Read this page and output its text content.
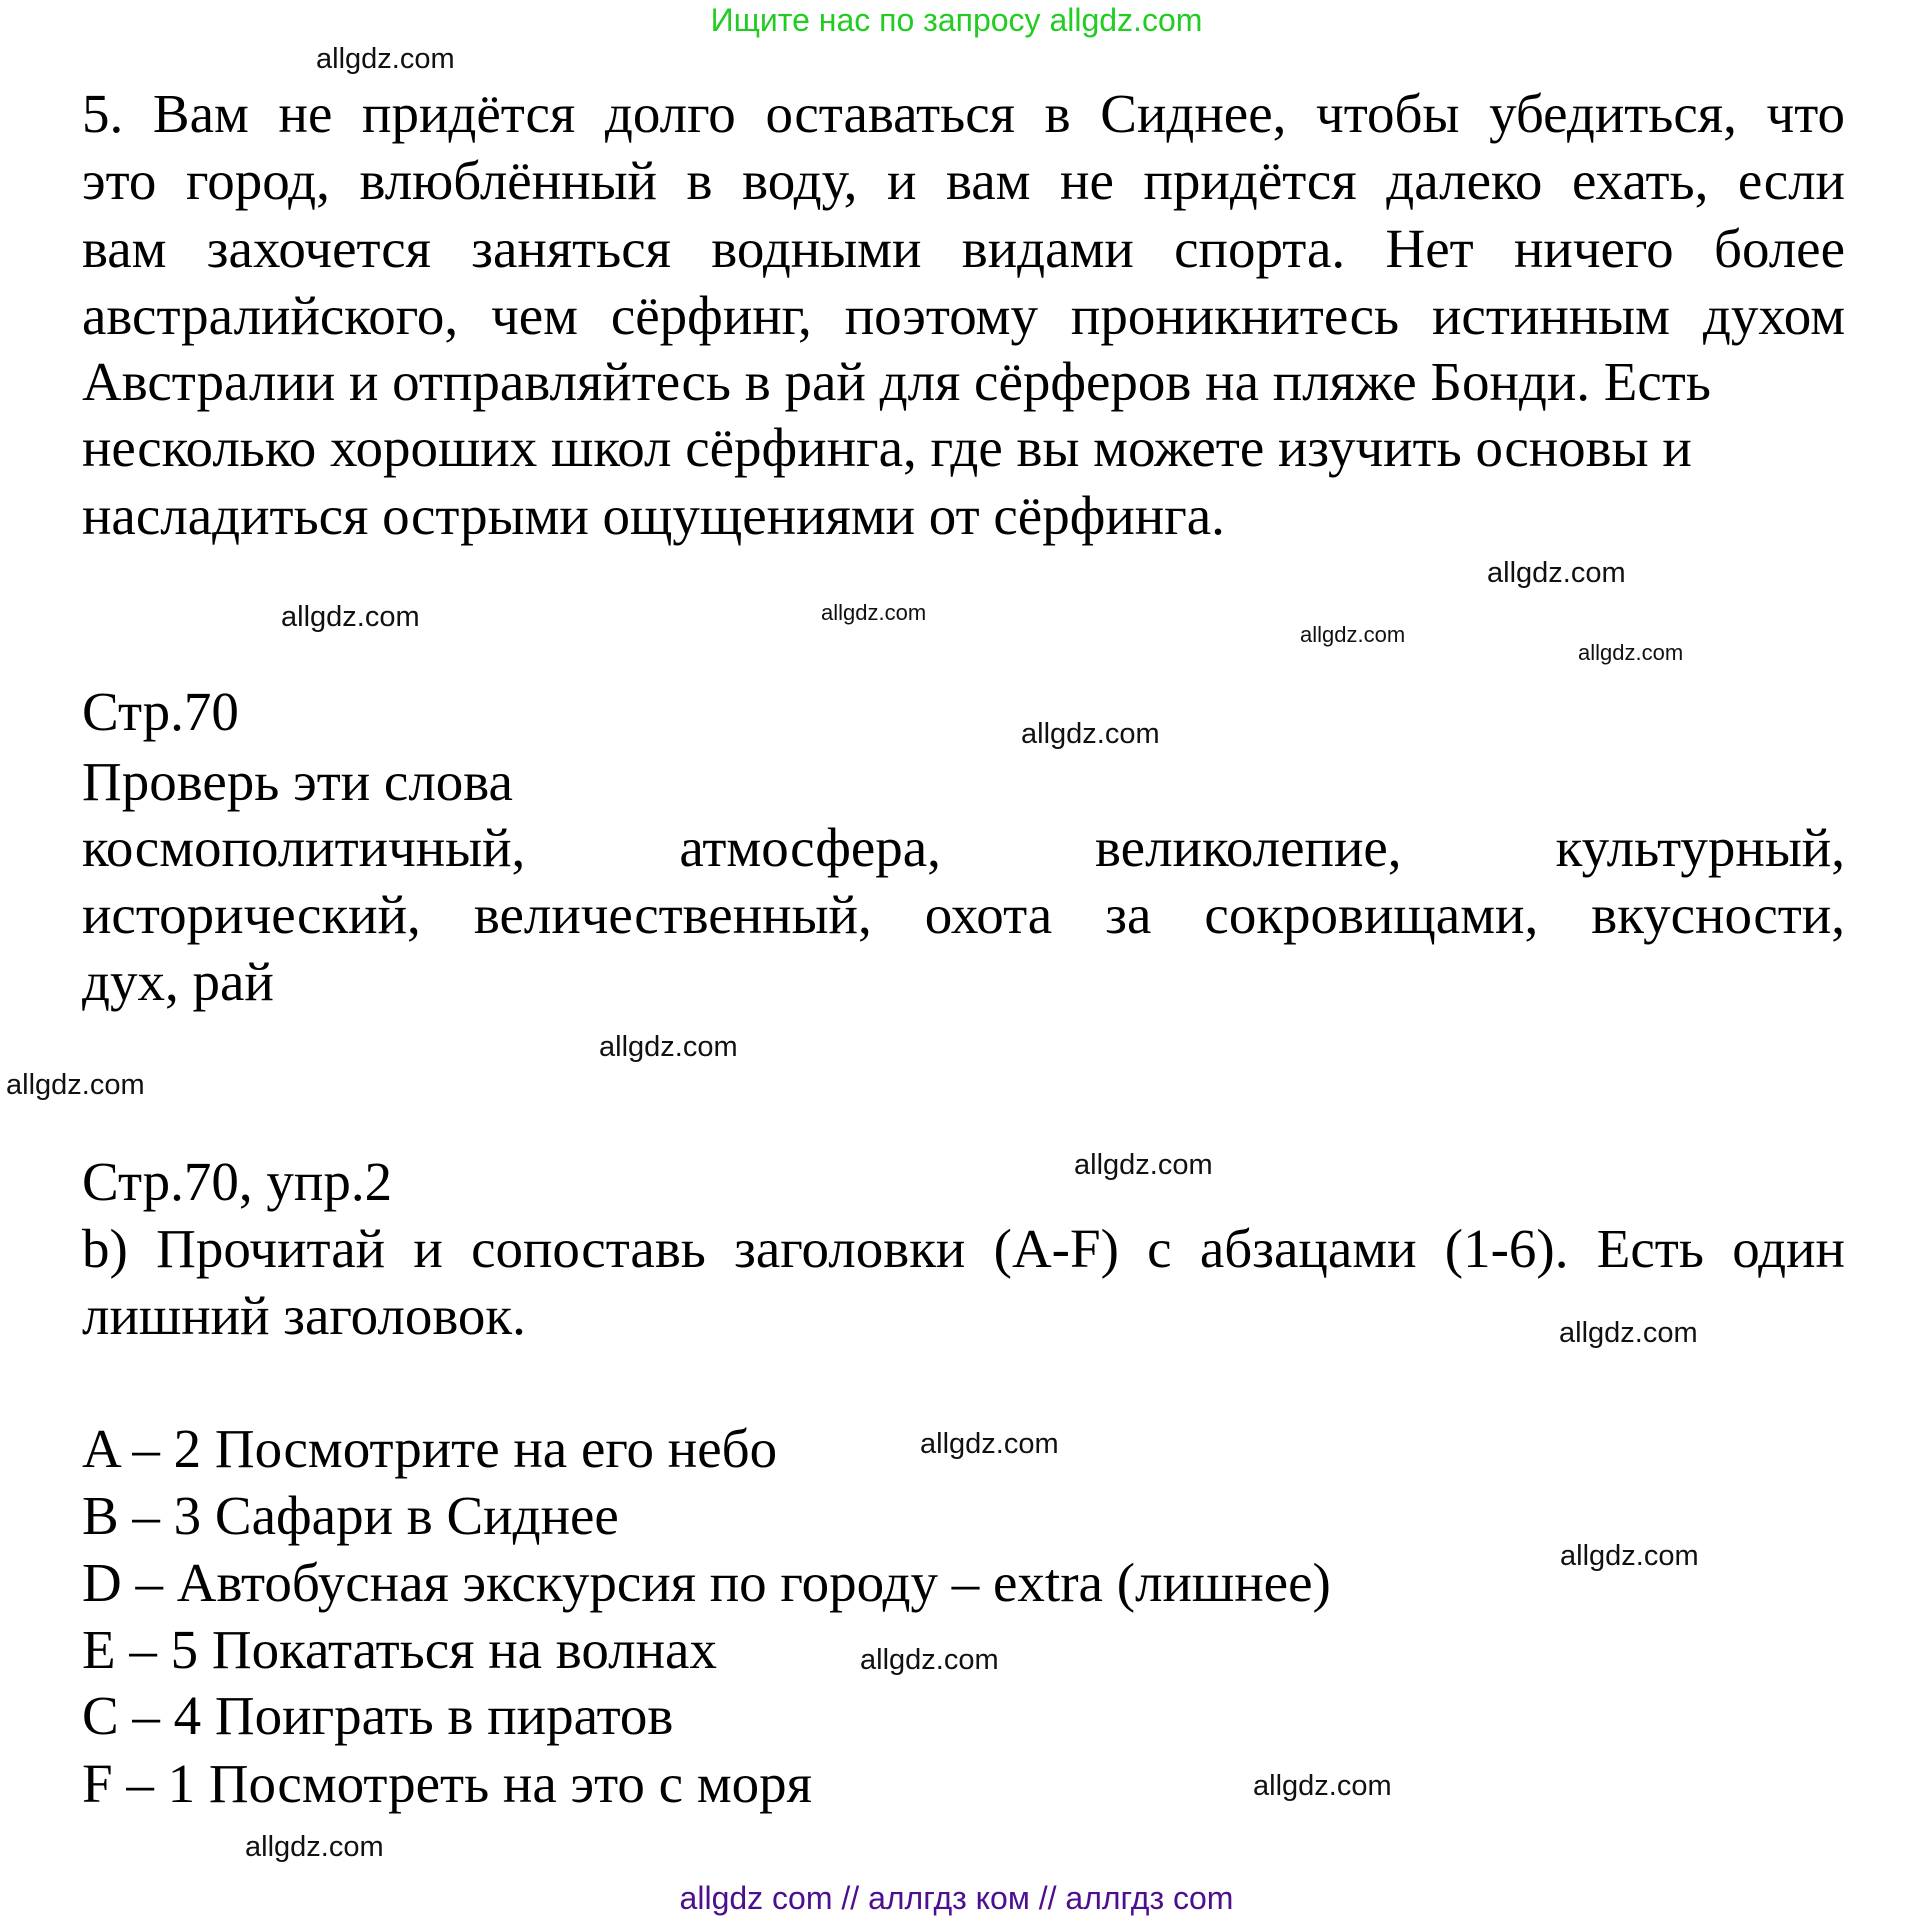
Ищите нас по запросу allgdz.com
5. Вам не придётся долго оставаться в Сиднее, чтобы убедиться, что
это город, влюблённый в воду, и вам не придётся далеко ехать, если
вам захочется заняться водными видами спорта. Нет ничего более
австралийского, чем сёрфинг, поэтому проникнитесь истинным духом
Австралии и отправляйтесь в рай для сёрферов на пляже Бонди. Есть
несколько хороших школ сёрфинга, где вы можете изучить основы и
насладиться острыми ощущениями от сёрфинга.
Стр.70
Проверь эти слова
космополитичный, атмосфера, великолепие, культурный,
исторический, величественный, охота за сокровищами, вкусности,
дух, рай
Стр.70, упр.2
b) Прочитай и сопоставь заголовки (A-F) с абзацами (1-6). Есть один
лишний заголовок.
A – 2 Посмотрите на его небо
B – 3 Сафари в Сиднее
D – Автобусная экскурсия по городу – extra (лишнее)
E – 5 Покататься на волнах
C – 4 Поиграть в пиратов
F – 1 Посмотреть на это с моря
allgdz.com
allgdz.com
allgdz.com
allgdz.com
allgdz.com
allgdz.com
allgdz.com
allgdz.com
allgdz.com
allgdz.com
allgdz.com
allgdz.com
allgdz.com
allgdz.com
allgdz.com
allgdz.com
allgdz com // аллгдз ком // аллгдз com
